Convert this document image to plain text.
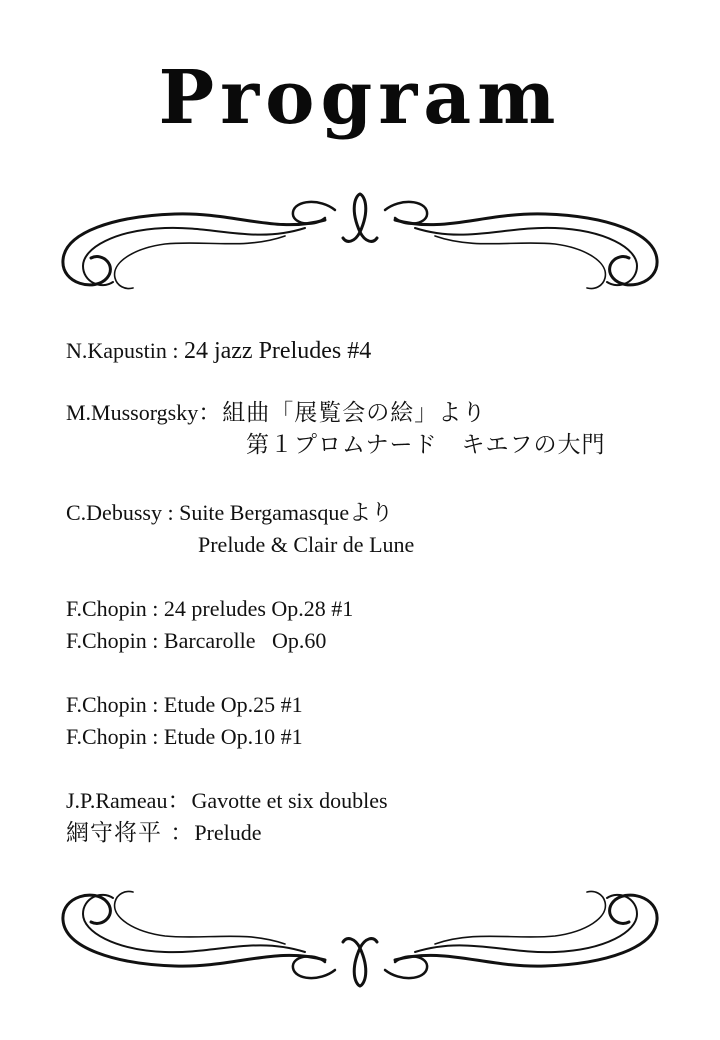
Program
N.Kapustin : 24 jazz Preludes #4
M.Mussorgsky：組曲「展覧会の絵」より
第１プロムナード　キエフの大門
C.Debussy : Suite Bergamasqueより
Prelude & Clair de Lune
F.Chopin : 24 preludes Op.28 #1
F.Chopin : Barcarolle   Op.60
F.Chopin : Etude Op.25 #1
F.Chopin : Etude Op.10 #1
J.P.Rameau：Gavotte et six doubles
網守将平 ：Prelude
